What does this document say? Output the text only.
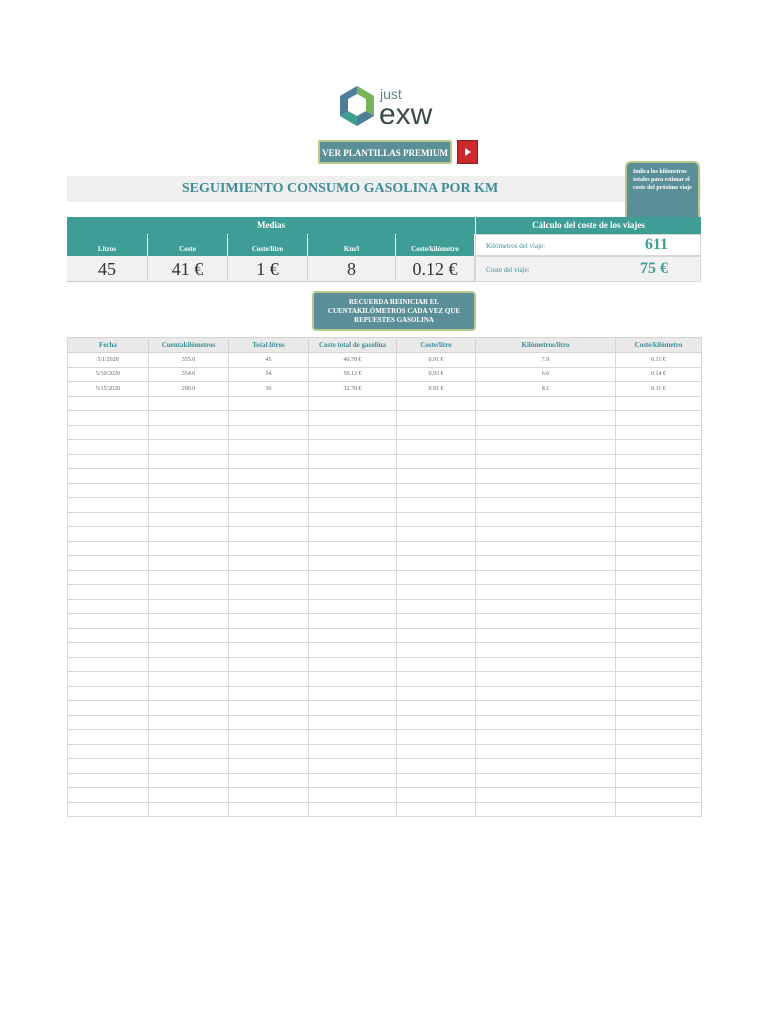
just
exw
VER PLANTILLAS PREMIUM
SEGUIMIENTO CONSUMO GASOLINA POR KM
Indica los kilómetros totales para estimar el coste del próximo viaje
Medias
Litros	Coste	Coste/litro	Km/l	Coste/kilómetro
45	41 €	1 €	8	0.12 €
Cálculo del coste de los viajes
Kilómetros del viaje:	611
Coste del viaje:	75 €
RECUERDA REINICIAR EL CUENTAKILÓMETROS CADA VEZ QUE REPUESTES GASOLINA
Fecha	Cuentakilómetros	Total litros	Coste total de gasolina	Coste/litro	Kilómetros/litro	Coste/kilómetro
5/1/2020	355.0	45	40.78 €	0.91 €	7.9	0.11 €
5/10/2020	354.0	54	50.12 €	0.93 €	6.6	0.14 €
5/15/2020	290.0	36	32.78 €	0.91 €	8.1	0.11 €
